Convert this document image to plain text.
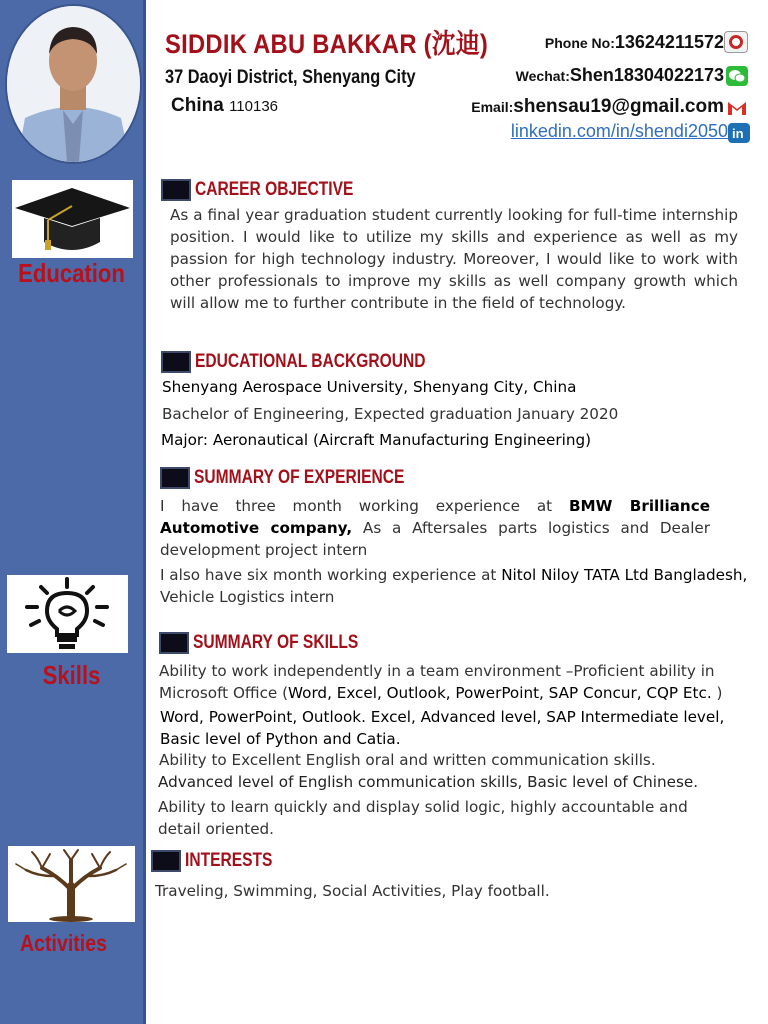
Education
Skills
Activities
SIDDIK ABU BAKKAR (沈迪)
37 Daoyi District, Shenyang City
China 110136
Phone No:13624211572
Wechat:Shen18304022173
Email:shensau19@gmail.com
linkedin.com/in/shendi2050 in
CAREER OBJECTIVE
As a final year graduation student currently looking for full-time internship position. I would like to utilize my skills and experience as well as my passion for high technology industry. Moreover, I would like to work with other professionals to improve my skills as well company growth which will allow me to further contribute in the field of technology.
EDUCATIONAL BACKGROUND
Shenyang Aerospace University, Shenyang City, China
Bachelor of Engineering, Expected graduation January 2020
Major: Aeronautical (Aircraft Manufacturing Engineering)
SUMMARY OF EXPERIENCE
I have three month working experience at BMW Brilliance Automotive company, As a Aftersales parts logistics and Dealer development project intern
I also have six month working experience at Nitol Niloy TATA Ltd Bangladesh,
Vehicle Logistics intern
SUMMARY OF SKILLS
Ability to work independently in a team environment –Proficient ability in Microsoft Office (Word, Excel, Outlook, PowerPoint, SAP Concur, CQP Etc. )
Word, PowerPoint, Outlook. Excel, Advanced level, SAP Intermediate level, Basic level of Python and Catia.
Ability to Excellent English oral and written communication skills.
Advanced level of English communication skills, Basic level of Chinese.
Ability to learn quickly and display solid logic, highly accountable and detail oriented.
INTERESTS
Traveling, Swimming, Social Activities, Play football.
